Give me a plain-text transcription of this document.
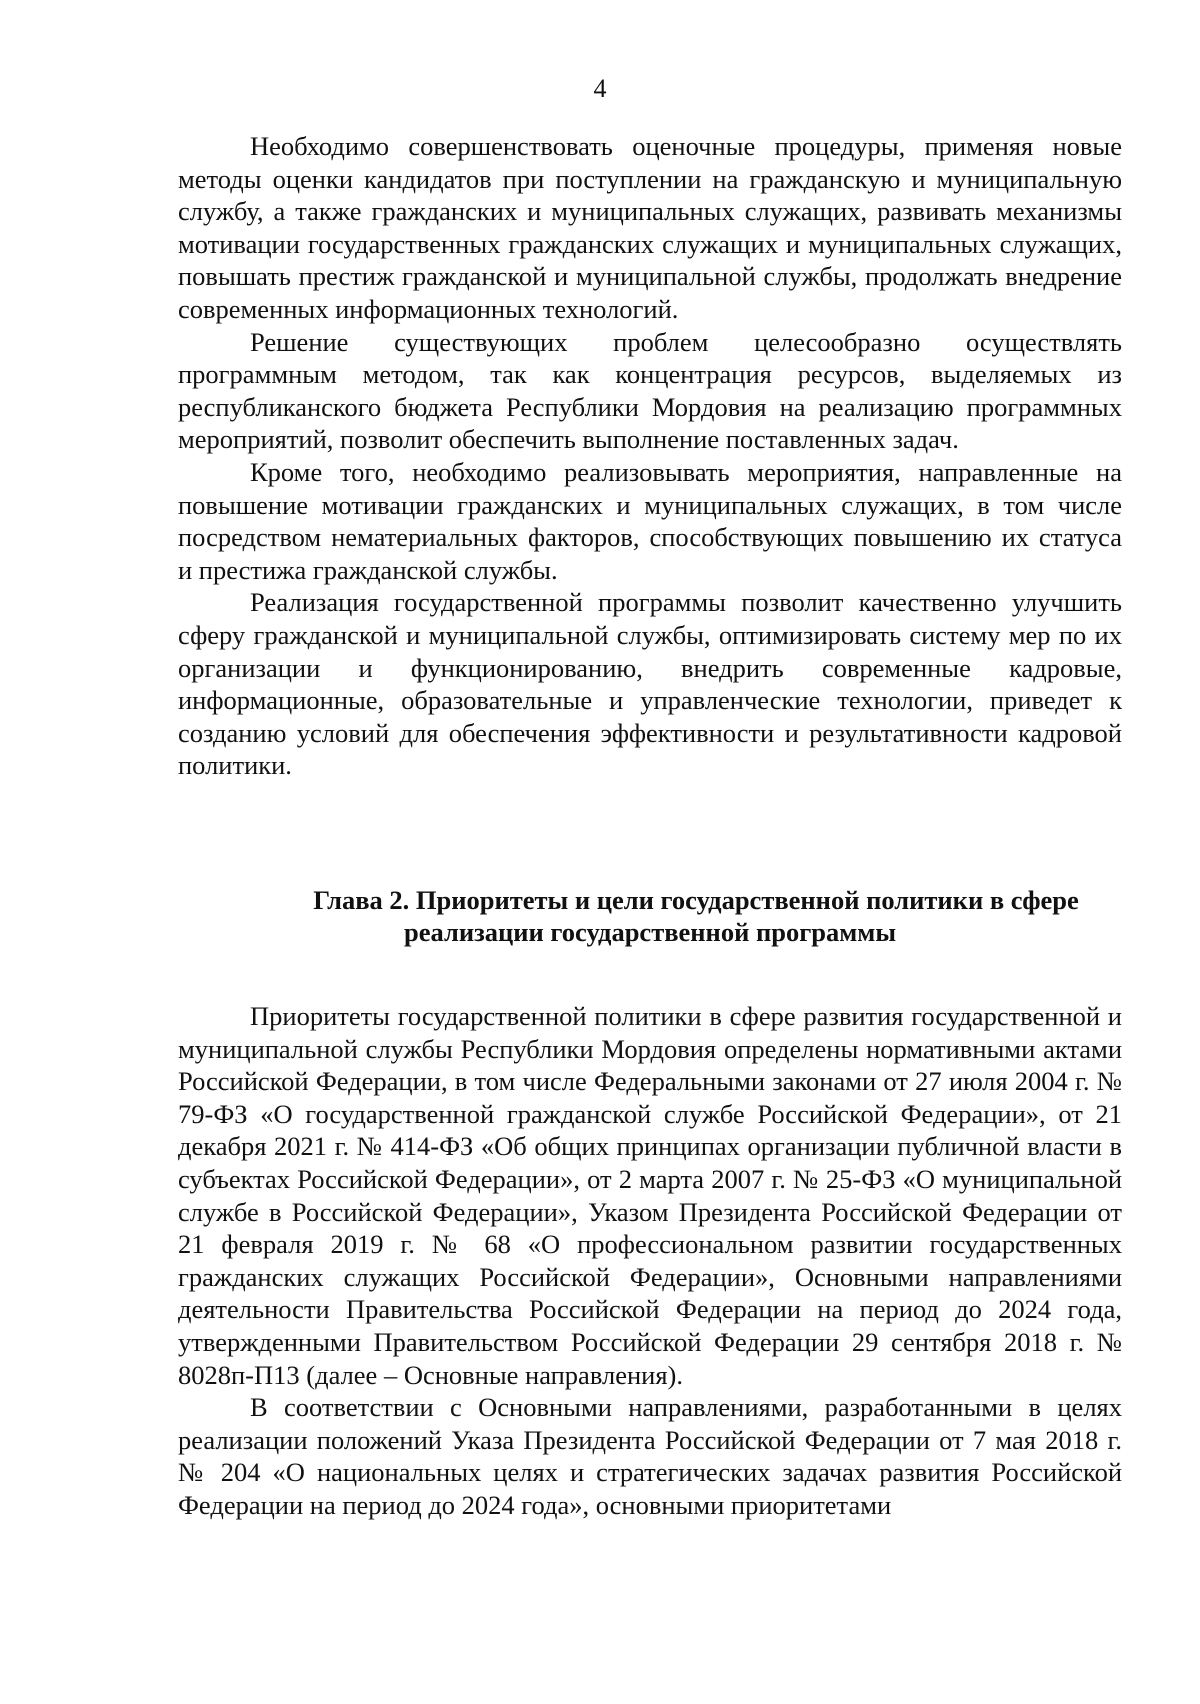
4

Необходимо совершенствовать оценочные процедуры, применяя новые методы оценки кандидатов при поступлении на гражданскую и муниципальную службу, а также гражданских и муниципальных служащих, развивать механизмы мотивации государственных гражданских служащих и муниципальных служащих, повышать престиж гражданской и муниципальной службы, продолжать внедрение современных информационных технологий.

Решение существующих проблем целесообразно осуществлять программным методом, так как концентрация ресурсов, выделяемых из республиканского бюджета Республики Мордовия на реализацию программных мероприятий, позволит обеспечить выполнение поставленных задач.

Кроме того, необходимо реализовывать мероприятия, направленные на повышение мотивации гражданских и муниципальных служащих, в том числе посредством нематериальных факторов, способствующих повышению их статуса и престижа гражданской службы.

Реализация государственной программы позволит качественно улучшить сферу гражданской и муниципальной службы, оптимизировать систему мер по их организации и функционированию, внедрить современные кадровые, информационные, образовательные и управленческие технологии, приведет к созданию условий для обеспечения эффективности и результативности кадровой политики.

Глава 2. Приоритеты и цели государственной политики в сфере
реализации государственной программы

Приоритеты государственной политики в сфере развития государственной и муниципальной службы Республики Мордовия определены нормативными актами Российской Федерации, в том числе Федеральными законами от 27 июля 2004 г. № 79-ФЗ «О государственной гражданской службе Российской Федерации», от 21 декабря 2021 г. № 414-ФЗ «Об общих принципах организации публичной власти в субъектах Российской Федерации», от 2 марта 2007 г. № 25-ФЗ «О муниципальной службе в Российской Федерации», Указом Президента Российской Федерации от 21 февраля 2019 г. № 68 «О профессиональном развитии государственных гражданских служащих Российской Федерации», Основными направлениями деятельности Правительства Российской Федерации на период до 2024 года, утвержденными Правительством Российской Федерации 29 сентября 2018 г. № 8028п-П13 (далее – Основные направления).

В соответствии с Основными направлениями, разработанными в целях реализации положений Указа Президента Российской Федерации от 7 мая 2018 г. № 204 «О национальных целях и стратегических задачах развития Российской Федерации на период до 2024 года», основными приоритетами
